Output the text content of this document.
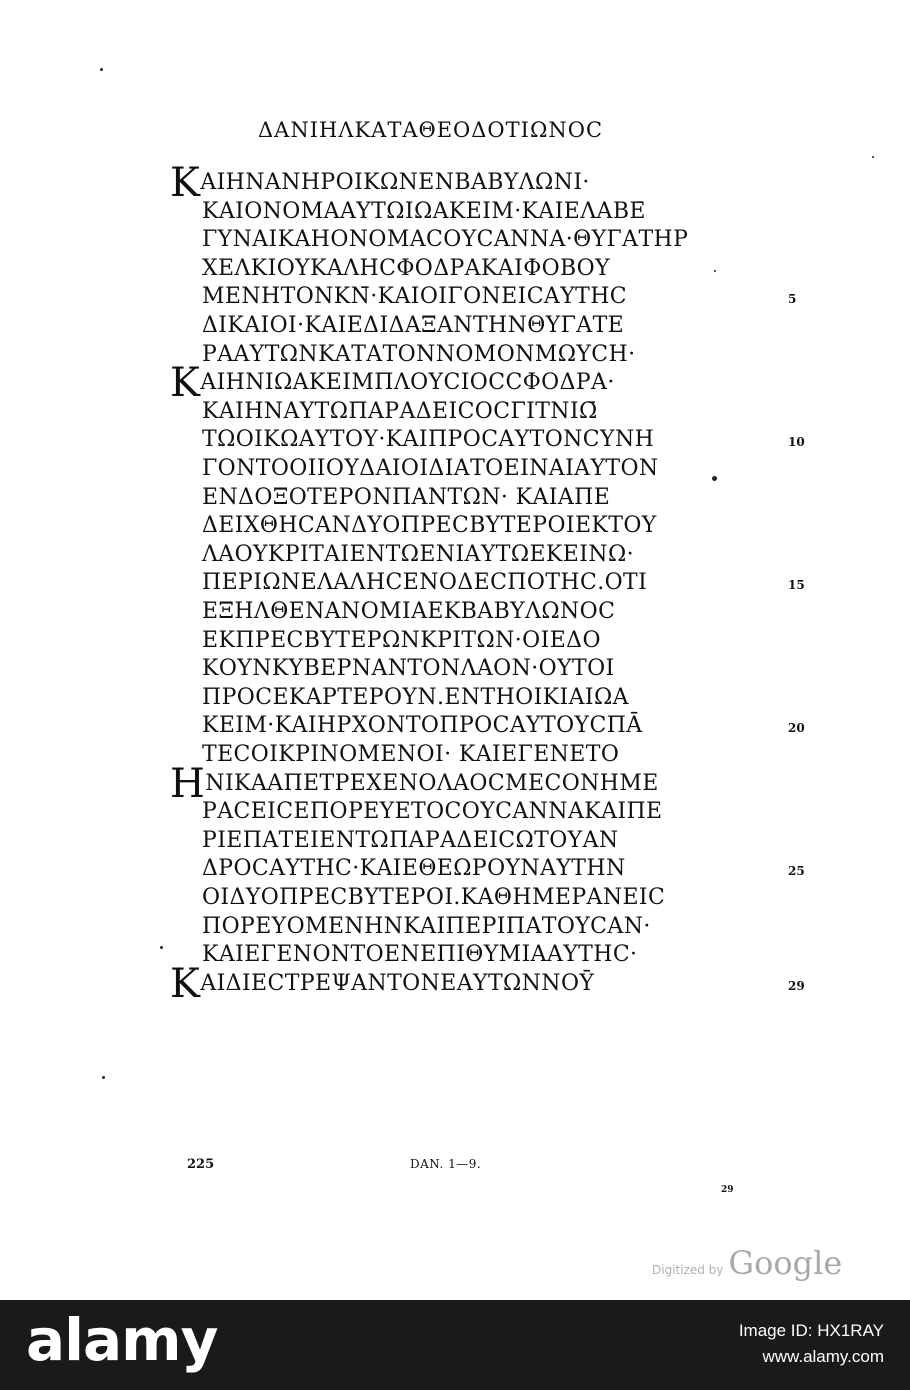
ΔΑΝΙΗΛΚΑΤΑΘΕΟΔΟΤΙΩΝΟϹ
225	DAN. 1—9.
29
Digitized by Google
ΚΑΙΗΝΑΝΗΡΟΙΚΩΝΕΝΒΑΒΥΛΩΝΙ·
ΚΑΙΟΝΟΜΑΑΥΤΩΙΩΑΚΕΙΜ·ΚΑΙΕΛΑΒΕ̄
ΓΥΝΑΙΚΑΗΟΝΟΜΑϹΟΥϹΑΝΝΑ·ΘΥΓΑΤΗΡ
ΧΕΛΚΙΟΥΚΑΛΗϹΦΟΔΡΑΚΑΙΦΟΒΟΥ
ΜΕΝΗΤΟΝΚΝ̄·ΚΑΙΟΙΓΟΝΕΙϹΑΥΤΗϹ	5
ΔΙΚΑΙΟΙ·ΚΑΙΕΔΙΔΑΞΑΝΤΗΝΘΥΓΑΤΕ
ΡΑΑΥΤΩΝΚΑΤΑΤΟΝΝΟΜΟΝΜΩΥϹΗ·
ΚΑΙΗΝΙΩΑΚΕΙΜΠΛΟΥϹΙΟϹϹΦΟΔΡΑ·
ΚΑΙΗΝΑΥΤΩΠΑΡΑΔΕΙϹΟϹΓΙΤΝΙΩ̄
ΤΩΟΙΚΩΑΥΤΟΥ·ΚΑΙΠΡΟϹΑΥΤΟΝϹΥΝΗ	10
ΓΟΝΤΟΟΙΙΟΥΔΑΙΟΙΔΙΑΤΟΕΙΝΑΙΑΥΤΟΝ
ΕΝΔΟΞΟΤΕΡΟΝΠΑΝΤΩΝ· ΚΑΙΑΠΕ
ΔΕΙΧΘΗϹΑΝΔΥΟΠΡΕϹΒΥΤΕΡΟΙΕΚΤΟΥ
ΛΑΟΥΚΡΙΤΑΙΕΝΤΩΕΝΙΑΥΤΩΕΚΕΙΝΩ·
ΠΕΡΙΩΝΕΛΑΛΗϹΕΝΟΔΕϹΠΟΤΗϹ.ΟΤΙ	15
ΕΞΗΛΘΕΝΑΝΟΜΙΑΕΚΒΑΒΥΛΩΝΟϹ
ΕΚΠΡΕϹΒΥΤΕΡΩΝΚΡΙΤΩΝ·ΟΙΕΔΟ
ΚΟΥΝΚΥΒΕΡΝΑΝΤΟΝΛΑΟΝ·ΟΥΤΟΙ
ΠΡΟϹΕΚΑΡΤΕΡΟΥΝ.ΕΝΤΗΟΙΚΙΑΙΩΑ
ΚΕΙΜ·ΚΑΙΗΡΧΟΝΤΟΠΡΟϹΑΥΤΟΥϹΠᾹ	20
ΤΕϹΟΙΚΡΙΝΟΜΕΝΟΙ· ΚΑΙΕΓΕΝΕΤΟ
ΗΝΙΚΑΑΠΕΤΡΕΧΕΝΟΛΑΟϹΜΕϹΟΝΗΜΕ
ΡΑϹΕΙϹΕΠΟΡΕΥΕΤΟϹΟΥϹΑΝΝΑΚΑΙΠΕ
ΡΙΕΠΑΤΕΙΕΝΤΩΠΑΡΑΔΕΙϹΩΤΟΥΑΝ
ΔΡΟϹΑΥΤΗϹ·ΚΑΙΕΘΕΩΡΟΥΝΑΥΤΗΝ	25
ΟΙΔΥΟΠΡΕϹΒΥΤΕΡΟΙ.ΚΑΘΗΜΕΡΑΝΕΙϹ
ΠΟΡΕΥΟΜΕΝΗΝΚΑΙΠΕΡΙΠΑΤΟΥϹΑΝ·
ΚΑΙΕΓΕΝΟΝΤΟΕΝΕΠΙΘΥΜΙΑΑΥΤΗϹ·
ΚΑΙΔΙΕϹΤΡΕΨΑΝΤΟΝΕΑΥΤΩΝΝΟῩ	29
alamy	Image ID: HX1RAY
www.alamy.com
